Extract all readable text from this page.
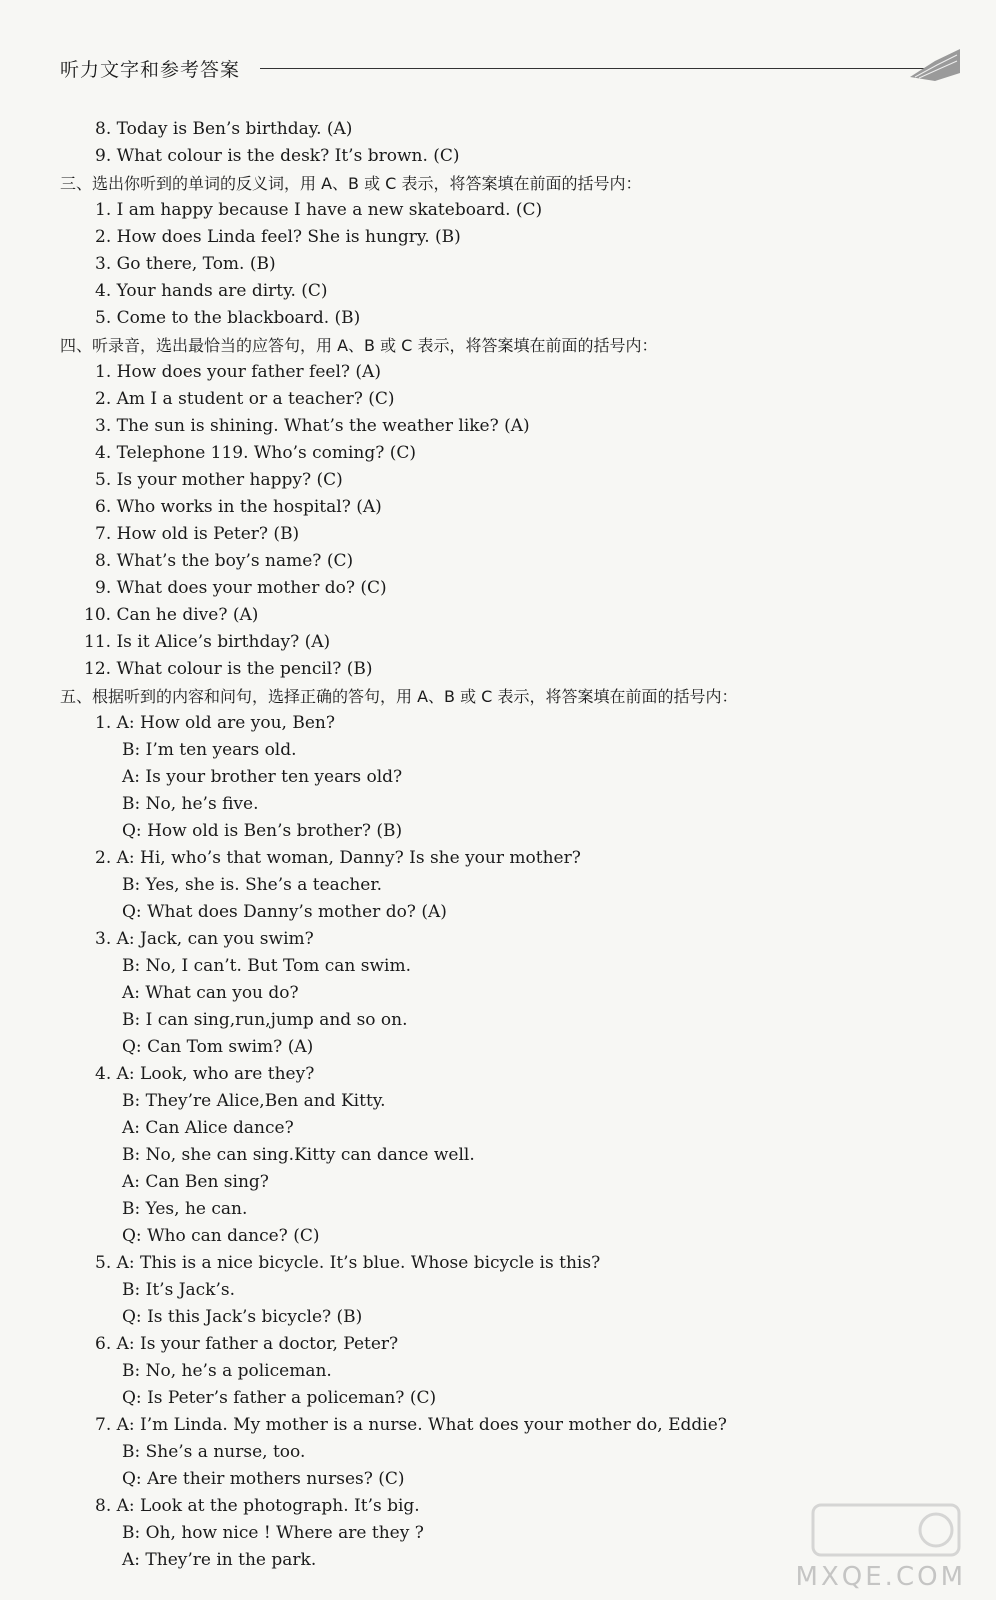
听力文字和参考答案
8. Today is Ben’s birthday. (A)
9. What colour is the desk? It’s brown. (C)
三、选出你听到的单词的反义词，用 A、B 或 C 表示，将答案填在前面的括号内：
1. I am happy because I have a new skateboard. (C)
2. How does Linda feel? She is hungry. (B)
3. Go there, Tom. (B)
4. Your hands are dirty. (C)
5. Come to the blackboard. (B)
四、听录音，选出最恰当的应答句，用 A、B 或 C 表示，将答案填在前面的括号内：
1. How does your father feel? (A)
2. Am I a student or a teacher? (C)
3. The sun is shining. What’s the weather like? (A)
4. Telephone 119. Who’s coming? (C)
5. Is your mother happy? (C)
6. Who works in the hospital? (A)
7. How old is Peter? (B)
8. What’s the boy’s name? (C)
9. What does your mother do? (C)
10. Can he dive? (A)
11. Is it Alice’s birthday? (A)
12. What colour is the pencil? (B)
五、根据听到的内容和问句，选择正确的答句，用 A、B 或 C 表示，将答案填在前面的括号内：
1. A: How old are you, Ben?
B: I’m ten years old.
A: Is your brother ten years old?
B: No, he’s five.
Q: How old is Ben’s brother? (B)
2. A: Hi, who’s that woman, Danny? Is she your mother?
B: Yes, she is. She’s a teacher.
Q: What does Danny’s mother do? (A)
3. A: Jack, can you swim?
B: No, I can’t. But Tom can swim.
A: What can you do?
B: I can sing,run,jump and so on.
Q: Can Tom swim? (A)
4. A: Look, who are they?
B: They’re Alice,Ben and Kitty.
A: Can Alice dance?
B: No, she can sing.Kitty can dance well.
A: Can Ben sing?
B: Yes, he can.
Q: Who can dance? (C)
5. A: This is a nice bicycle. It’s blue. Whose bicycle is this?
B: It’s Jack’s.
Q: Is this Jack’s bicycle? (B)
6. A: Is your father a doctor, Peter?
B: No, he’s a policeman.
Q: Is Peter’s father a policeman? (C)
7. A: I’m Linda. My mother is a nurse. What does your mother do, Eddie?
B: She’s a nurse, too.
Q: Are their mothers nurses? (C)
8. A: Look at the photograph. It’s big.
B: Oh, how nice ! Where are they ?
A: They’re in the park.
MXQE.COM
